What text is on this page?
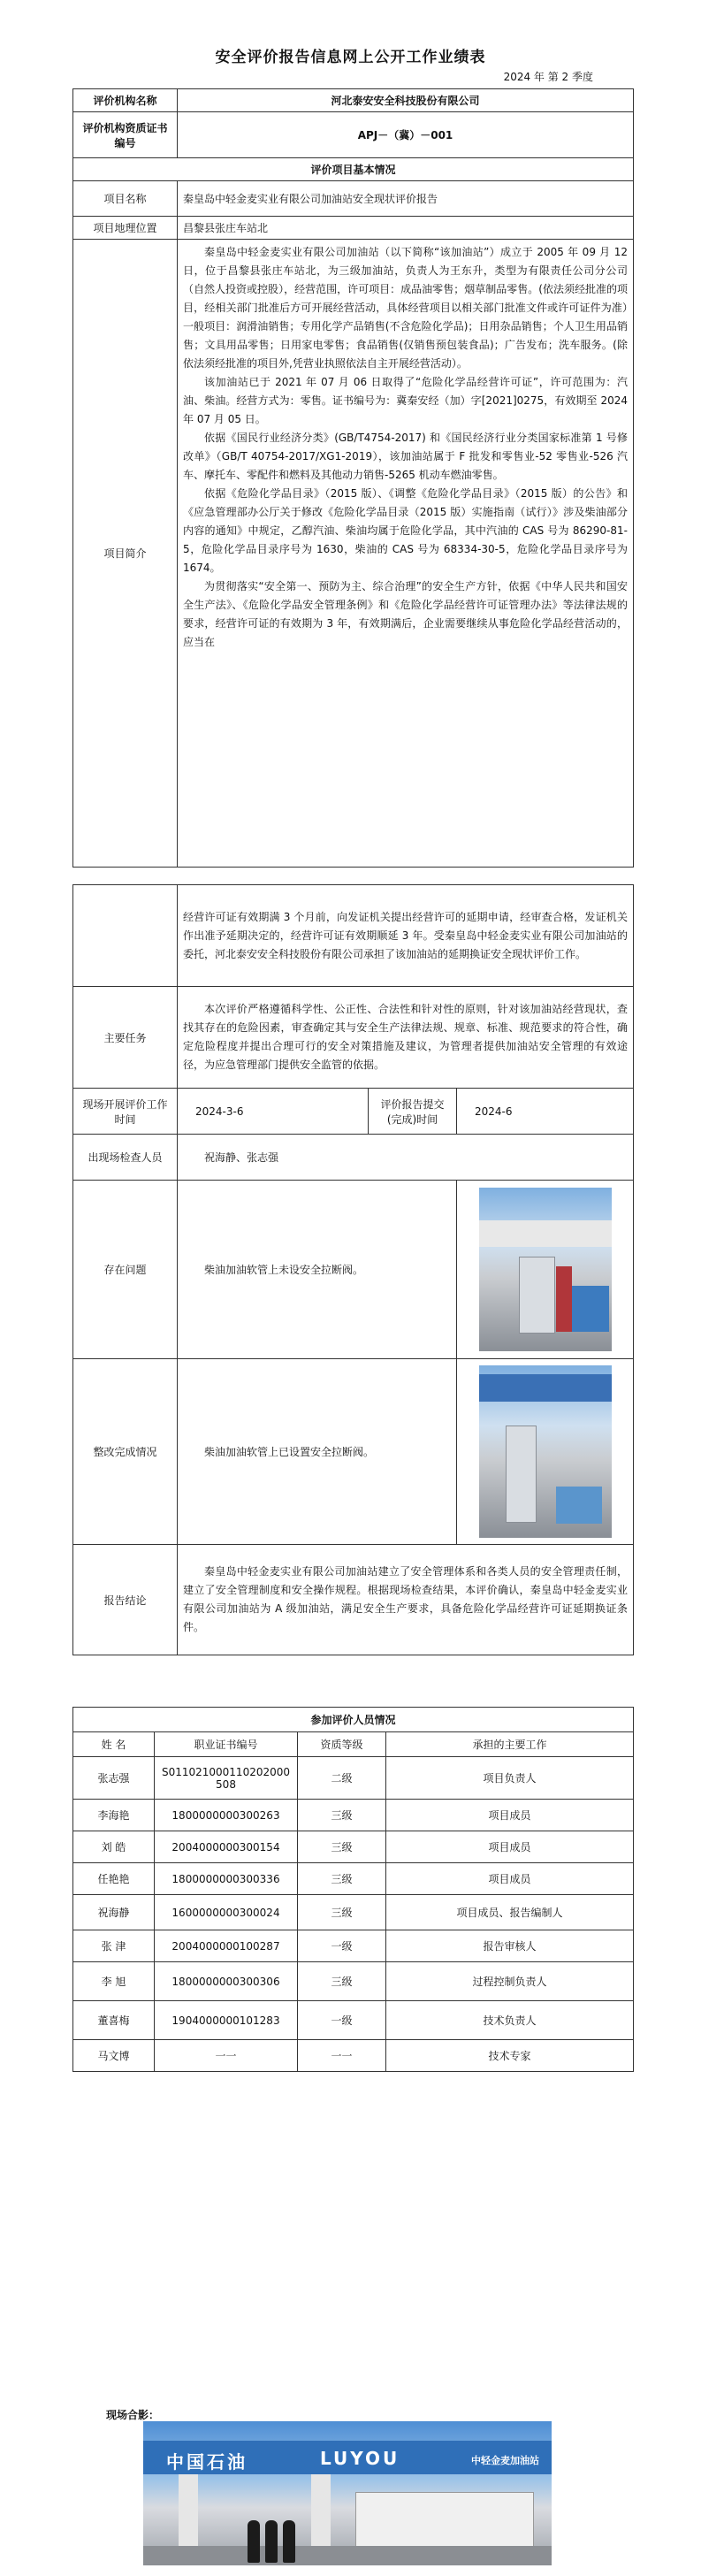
安全评价报告信息网上公开工作业绩表
2024 年 第 2 季度
评价机构名称	河北泰安安全科技股份有限公司
评价机构资质证书编号	APJ－（冀）－001
评价项目基本情况	
项目名称	秦皇岛中轻金麦实业有限公司加油站安全现状评价报告
项目地理位置	昌黎县张庄车站北
项目简介	秦皇岛中轻金麦实业有限公司加油站（以下简称“该加油站”）成立于 2005 年 09 月 12 日，位于昌黎县张庄车站北，为三级加油站，负责人为王东升，类型为有限责任公司分公司（自然人投资或控股），经营范围，许可项目：成品油零售；烟草制品零售。(依法须经批准的项目，经相关部门批准后方可开展经营活动，具体经营项目以相关部门批准文件或许可证件为准）一般项目：润滑油销售；专用化学产品销售(不含危险化学品)；日用杂品销售；个人卫生用品销售；文具用品零售；日用家电零售；食品销售(仅销售预包装食品)；广告发布；洗车服务。(除依法须经批准的项目外,凭营业执照依法自主开展经营活动）。

该加油站已于 2021 年 07 月 06 日取得了“危险化学品经营许可证”，许可范围为：汽油、柴油。经营方式为：零售。证书编号为：冀秦安经（加）字[2021]0275，有效期至 2024 年 07 月 05 日。

依据《国民行业经济分类》(GB/T4754-2017) 和《国民经济行业分类国家标准第 1 号修改单》（GB/T 40754-2017/XG1-2019），该加油站属于 F 批发和零售业-52 零售业-526 汽车、摩托车、零配件和燃料及其他动力销售-5265 机动车燃油零售。

依据《危险化学品目录》（2015 版）、《调整《危险化学品目录》（2015 版）的公告》和《应急管理部办公厅关于修改《危险化学品目录（2015 版）实施指南（试行）》涉及柴油部分内容的通知》中规定，乙醇汽油、柴油均属于危险化学品，其中汽油的 CAS 号为 86290-81-5，危险化学品目录序号为 1630，柴油的 CAS 号为 68334-30-5，危险化学品目录序号为 1674。

为贯彻落实“安全第一、预防为主、综合治理”的安全生产方针，依据《中华人民共和国安全生产法》、《危险化学品安全管理条例》和《危险化学品经营许可证管理办法》等法律法规的要求，经营许可证的有效期为 3 年，有效期满后，企业需要继续从事危险化学品经营活动的，应当在

	经营许可证有效期满 3 个月前，向发证机关提出经营许可的延期申请，经审查合格，发证机关作出准予延期决定的，经营许可证有效期顺延 3 年。受秦皇岛中轻金麦实业有限公司加油站的委托，河北泰安安全科技股份有限公司承担了该加油站的延期换证安全现状评价工作。		
主要任务	本次评价严格遵循科学性、公正性、合法性和针对性的原则，针对该加油站经营现状，查找其存在的危险因素，审查确定其与安全生产法律法规、规章、标准、规范要求的符合性，确定危险程度并提出合理可行的安全对策措施及建议，为管理者提供加油站安全管理的有效途径，为应急管理部门提供安全监管的依据。		
现场开展评价工作时间	2024-3-6	评价报告提交(完成)时间	2024-6
出现场检查人员	祝海静、张志强		
存在问题	柴油加油软管上未设安全拉断阀。		

整改完成情况	柴油加油软管上已设置安全拉断阀。		

报告结论	秦皇岛中轻金麦实业有限公司加油站建立了安全管理体系和各类人员的安全管理责任制，建立了安全管理制度和安全操作规程。根据现场检查结果，本评价确认，秦皇岛中轻金麦实业有限公司加油站为 A 级加油站，满足安全生产要求，具备危险化学品经营许可证延期换证条件。		
参加评价人员情况			
姓 名	职业证书编号	资质等级	承担的主要工作
张志强	S011021000110202000508	二级	项目负责人
李海艳	1800000000300263	三级	项目成员
刘 皓	2004000000300154	三级	项目成员
任艳艳	1800000000300336	三级	项目成员
祝海静	1600000000300024	三级	项目成员、报告编制人
张 津	2004000000100287	一级	报告审核人
李 旭	1800000000300306	三级	过程控制负责人
董喜梅	1904000000101283	一级	技术负责人
马文博	一一	一一	技术专家
现场合影：
中国石油	LUYOU	中轻金麦加油站
